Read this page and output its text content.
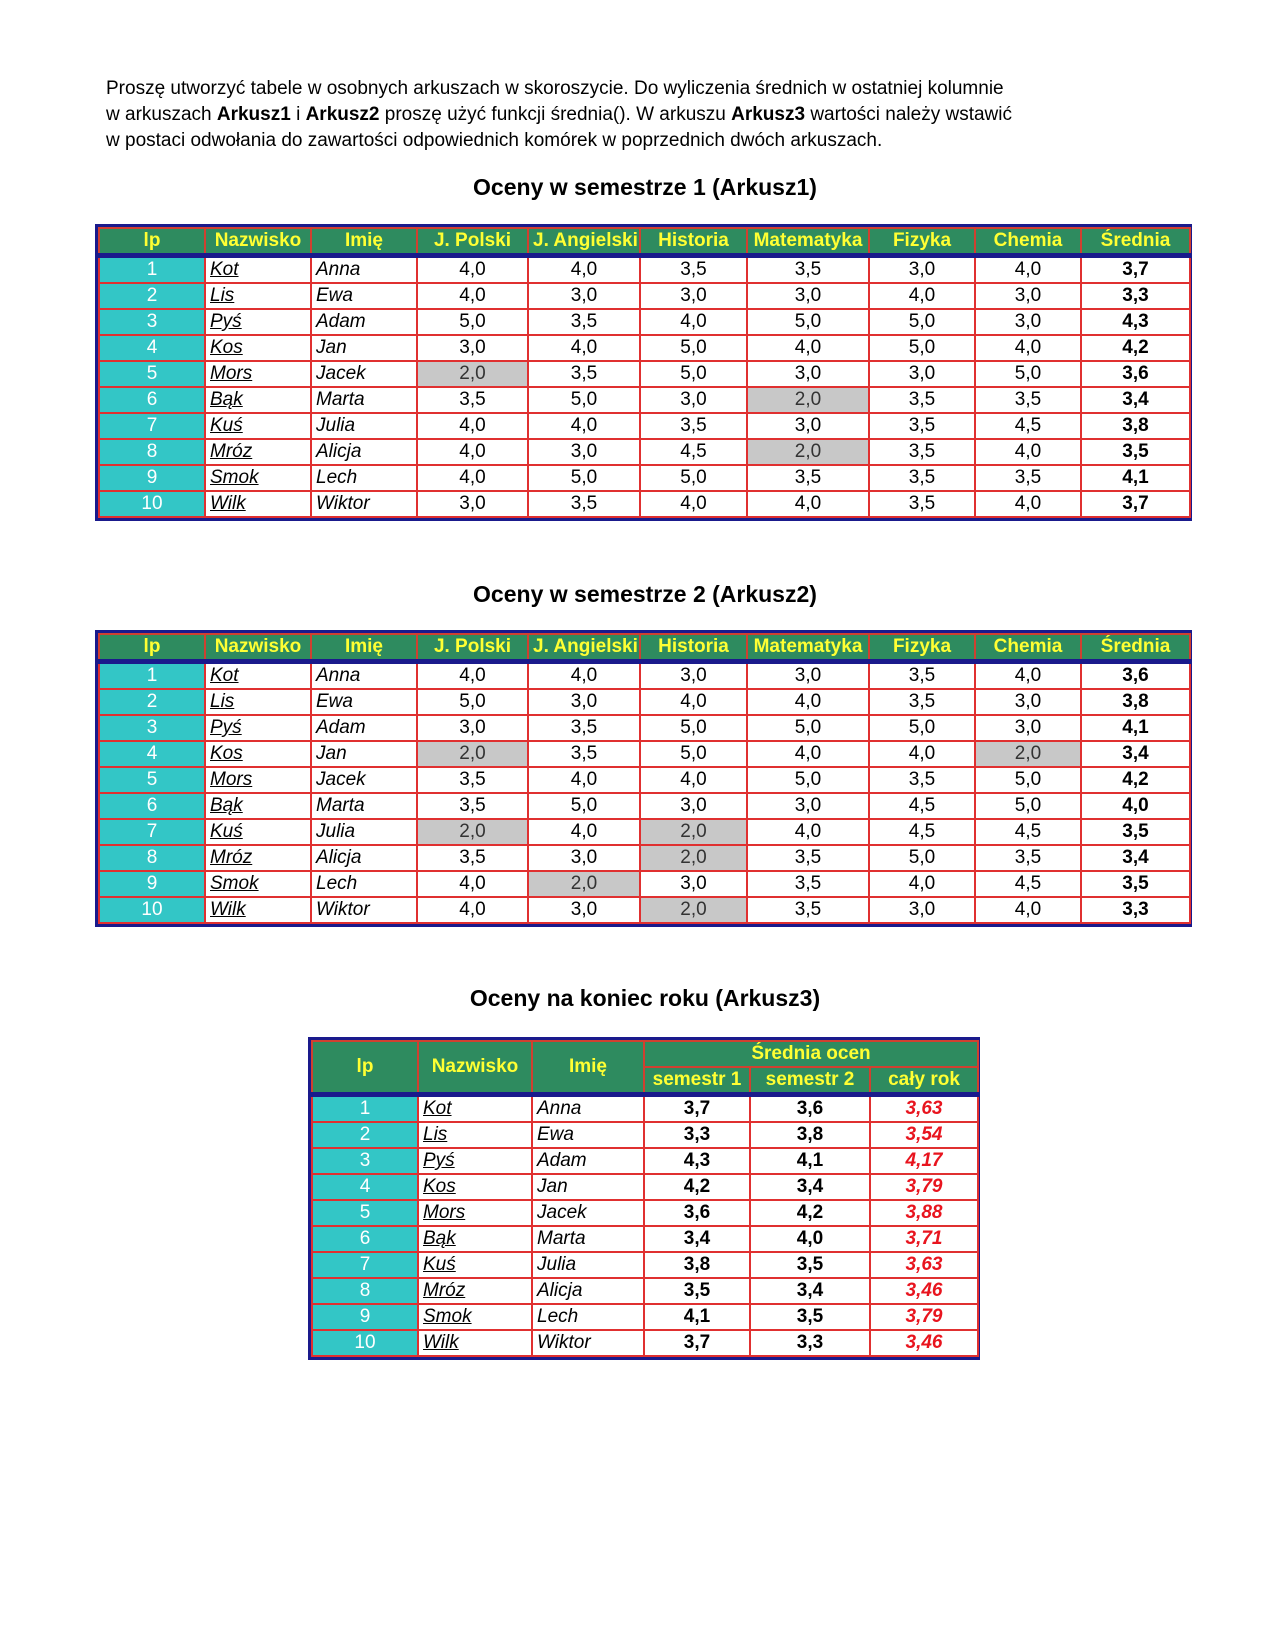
Proszę utworzyć tabele w osobnych arkuszach w skoroszycie. Do wyliczenia średnich w ostatniej kolumnie
w arkuszach Arkusz1 i Arkusz2 proszę użyć funkcji średnia(). W arkuszu Arkusz3 wartości należy wstawić
w postaci odwołania do zawartości odpowiednich komórek w poprzednich dwóch arkuszach.
Oceny w semestrze 1 (Arkusz1)
lp	Nazwisko	Imię	J. Polski	J. Angielski	Historia	Matematyka	Fizyka	Chemia	Średnia
1	Kot	Anna	4,0	4,0	3,5	3,5	3,0	4,0	3,7
2	Lis	Ewa	4,0	3,0	3,0	3,0	4,0	3,0	3,3
3	Pyś	Adam	5,0	3,5	4,0	5,0	5,0	3,0	4,3
4	Kos	Jan	3,0	4,0	5,0	4,0	5,0	4,0	4,2
5	Mors	Jacek	2,0	3,5	5,0	3,0	3,0	5,0	3,6
6	Bąk	Marta	3,5	5,0	3,0	2,0	3,5	3,5	3,4
7	Kuś	Julia	4,0	4,0	3,5	3,0	3,5	4,5	3,8
8	Mróz	Alicja	4,0	3,0	4,5	2,0	3,5	4,0	3,5
9	Smok	Lech	4,0	5,0	5,0	3,5	3,5	3,5	4,1
10	Wilk	Wiktor	3,0	3,5	4,0	4,0	3,5	4,0	3,7
Oceny w semestrze 2 (Arkusz2)
lp	Nazwisko	Imię	J. Polski	J. Angielski	Historia	Matematyka	Fizyka	Chemia	Średnia
1	Kot	Anna	4,0	4,0	3,0	3,0	3,5	4,0	3,6
2	Lis	Ewa	5,0	3,0	4,0	4,0	3,5	3,0	3,8
3	Pyś	Adam	3,0	3,5	5,0	5,0	5,0	3,0	4,1
4	Kos	Jan	2,0	3,5	5,0	4,0	4,0	2,0	3,4
5	Mors	Jacek	3,5	4,0	4,0	5,0	3,5	5,0	4,2
6	Bąk	Marta	3,5	5,0	3,0	3,0	4,5	5,0	4,0
7	Kuś	Julia	2,0	4,0	2,0	4,0	4,5	4,5	3,5
8	Mróz	Alicja	3,5	3,0	2,0	3,5	5,0	3,5	3,4
9	Smok	Lech	4,0	2,0	3,0	3,5	4,0	4,5	3,5
10	Wilk	Wiktor	4,0	3,0	2,0	3,5	3,0	4,0	3,3
Oceny na koniec roku (Arkusz3)
lp	Nazwisko	Imię	Średnia ocen		
			semestr 1	semestr 2	cały rok
1	Kot	Anna	3,7	3,6	3,63
2	Lis	Ewa	3,3	3,8	3,54
3	Pyś	Adam	4,3	4,1	4,17
4	Kos	Jan	4,2	3,4	3,79
5	Mors	Jacek	3,6	4,2	3,88
6	Bąk	Marta	3,4	4,0	3,71
7	Kuś	Julia	3,8	3,5	3,63
8	Mróz	Alicja	3,5	3,4	3,46
9	Smok	Lech	4,1	3,5	3,79
10	Wilk	Wiktor	3,7	3,3	3,46
